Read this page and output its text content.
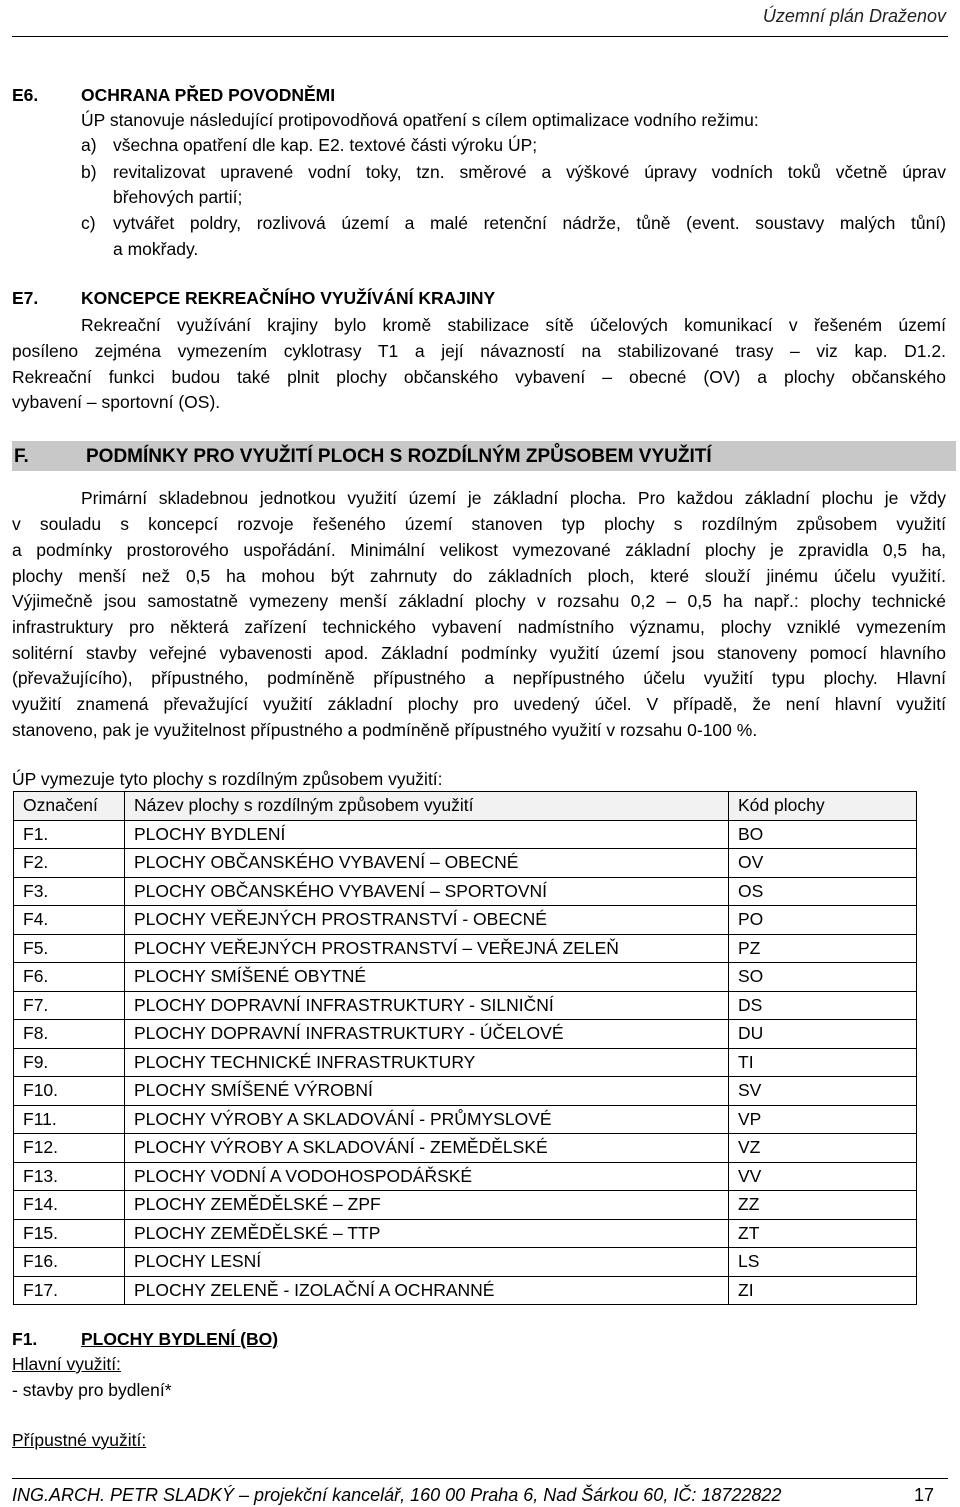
Územní plán Draženov
E6. OCHRANA PŘED POVODNĚMI
ÚP stanovuje následující protipovodňová opatření s cílem optimalizace vodního režimu:
a) všechna opatření dle kap. E2. textové části výroku ÚP;
b) revitalizovat upravené vodní toky, tzn. směrové a výškové úpravy vodních toků včetně úprav
břehových partií;
c) vytvářet poldry, rozlivová území a malé retenční nádrže, tůně (event. soustavy malých tůní)
a mokřady.
E7. KONCEPCE REKREAČNÍHO VYUŽÍVÁNÍ KRAJINY
Rekreační využívání krajiny bylo kromě stabilizace sítě účelových komunikací v řešeném území
posíleno zejména vymezením cyklotrasy T1 a její návazností na stabilizované trasy – viz kap. D1.2.
Rekreační funkci budou také plnit plochy občanského vybavení – obecné (OV) a plochy občanského
vybavení – sportovní (OS).
F.	PODMÍNKY PRO VYUŽITÍ PLOCH S ROZDÍLNÝM ZPŮSOBEM VYUŽITÍ
Primární skladebnou jednotkou využití území je základní plocha. Pro každou základní plochu je vždy
v souladu s koncepcí rozvoje řešeného území stanoven typ plochy s rozdílným způsobem využití
a podmínky prostorového uspořádání. Minimální velikost vymezované základní plochy je zpravidla 0,5 ha,
plochy menší než 0,5 ha mohou být zahrnuty do základních ploch, které slouží jinému účelu využití.
Výjimečně jsou samostatně vymezeny menší základní plochy v rozsahu 0,2 – 0,5 ha např.: plochy technické
infrastruktury pro některá zařízení technického vybavení nadmístního významu, plochy vzniklé vymezením
solitérní stavby veřejné vybavenosti apod. Základní podmínky využití území jsou stanoveny pomocí hlavního
(převažujícího), přípustného, podmíněně přípustného a nepřípustného účelu využití typu plochy. Hlavní
využití znamená převažující využití základní plochy pro uvedený účel. V případě, že není hlavní využití
stanoveno, pak je využitelnost přípustného a podmíněně přípustného využití v rozsahu 0-100 %.
ÚP vymezuje tyto plochy s rozdílným způsobem využití:
Označení	Název plochy s rozdílným způsobem využití	Kód plochy
F1.	PLOCHY BYDLENÍ	BO
F2.	PLOCHY OBČANSKÉHO VYBAVENÍ – OBECNÉ	OV
F3.	PLOCHY OBČANSKÉHO VYBAVENÍ – SPORTOVNÍ	OS
F4.	PLOCHY VEŘEJNÝCH PROSTRANSTVÍ - OBECNÉ	PO
F5.	PLOCHY VEŘEJNÝCH PROSTRANSTVÍ – VEŘEJNÁ ZELEŇ	PZ
F6.	PLOCHY SMÍŠENÉ OBYTNÉ	SO
F7.	PLOCHY DOPRAVNÍ INFRASTRUKTURY - SILNIČNÍ	DS
F8.	PLOCHY DOPRAVNÍ INFRASTRUKTURY - ÚČELOVÉ	DU
F9.	PLOCHY TECHNICKÉ INFRASTRUKTURY	TI
F10.	PLOCHY SMÍŠENÉ VÝROBNÍ	SV
F11.	PLOCHY VÝROBY A SKLADOVÁNÍ - PRŮMYSLOVÉ	VP
F12.	PLOCHY VÝROBY A SKLADOVÁNÍ - ZEMĚDĚLSKÉ	VZ
F13.	PLOCHY VODNÍ A VODOHOSPODÁŘSKÉ	VV
F14.	PLOCHY ZEMĚDĚLSKÉ – ZPF	ZZ
F15.	PLOCHY ZEMĚDĚLSKÉ – TTP	ZT
F16.	PLOCHY LESNÍ	LS
F17.	PLOCHY ZELENĚ - IZOLAČNÍ A OCHRANNÉ	ZI
F1. PLOCHY BYDLENÍ (BO)
Hlavní využití:
- stavby pro bydlení*
Přípustné využití:
ING.ARCH. PETR SLADKÝ – projekční kancelář, 160 00 Praha 6, Nad Šárkou 60, IČ: 18722822	17
